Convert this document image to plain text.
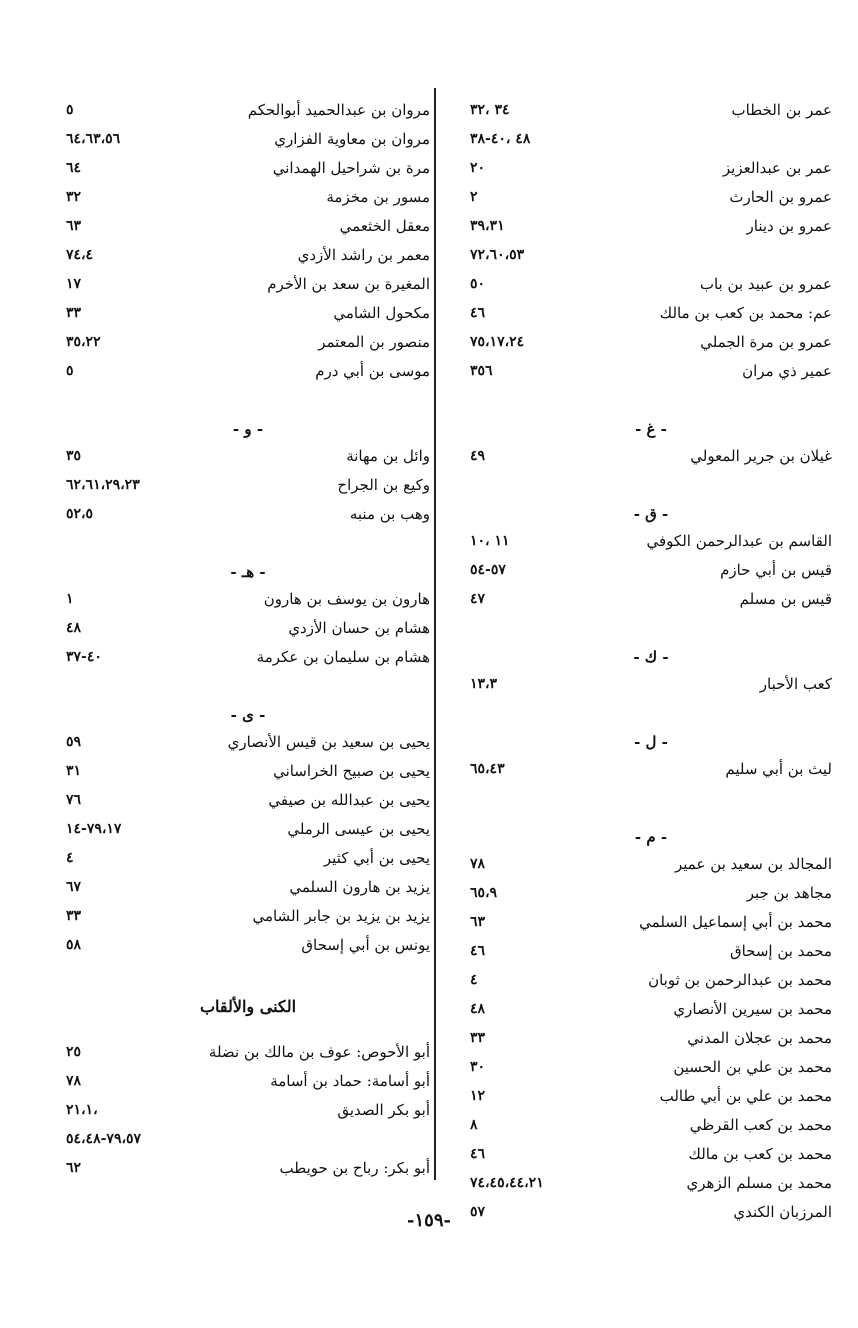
عمر بن الخطاب
٣٤ ،٣٢
٤٨ ،٤٠-٣٨
عمر بن عبدالعزيز
٢٠
عمرو بن الحارث
٢
عمرو بن دينار
٣٩،٣١
٧٢،٦٠،٥٣
عمرو بن عبيد بن باب
٥٠
عم: محمد بن كعب بن مالك
٤٦
عمرو بن مرة الجملي
٧٥،١٧،٢٤
عمير ذي مران
٣٥٦
- غ -
غيلان بن جرير المعولي
٤٩
- ق -
القاسم بن عبدالرحمن الكوفي
١١ ،١٠
قيس بن أبي حازم
٥٧-٥٤
قيس بن مسلم
٤٧
- ك -
كعب الأحبار
١٣،٣
- ل -
ليث بن أبي سليم
٦٥،٤٣
- م -
المجالد بن سعيد بن عمير
٧٨
مجاهد بن جبر
٦٥،٩
محمد بن أبي إسماعيل السلمي
٦٣
محمد بن إسحاق
٤٦
محمد بن عبدالرحمن بن ثوبان
٤
محمد بن سيرين الأنصاري
٤٨
محمد بن عجلان المدني
٣٣
محمد بن علي بن الحسين
٣٠
محمد بن علي بن أبي طالب
١٢
محمد بن كعب القرظي
٨
محمد بن كعب بن مالك
٤٦
محمد بن مسلم الزهري
٧٤،٤٥،٤٤،٢١
المرزبان الكندي
٥٧
مروان بن عبدالحميد أبوالحكم
٥
مروان بن معاوية الفزاري
٦٤،٦٣،٥٦
مرة بن شراحيل الهمداني
٦٤
مسور بن مخزمة
٣٢
معقل الخثعمي
٦٣
معمر بن راشد الأزدي
٧٤،٤
المغيرة بن سعد بن الأخرم
١٧
مكحول الشامي
٣٣
منصور بن المعتمر
٣٥،٢٢
موسى بن أبي درم
٥
- و -
وائل بن مهانة
٣٥
وكيع بن الجراح
٦٢،٦١،٢٩،٢٣
وهب بن منبه
٥٢،٥
- هـ -
هارون بن يوسف بن هارون
١
هشام بن حسان الأزدي
٤٨
هشام بن سليمان بن عكرمة
٤٠-٣٧
- ى -
يحيى بن سعيد بن قيس الأنصاري
٥٩
يحيى بن صبيح الخراساني
٣١
يحيى بن عبدالله بن صيفي
٧٦
يحيى بن عيسى الرملي
٧٩،١٧-١٤
يحيى بن أبي كثير
٤
يزيد بن هارون السلمي
٦٧
يزيد بن يزيد بن جابر الشامي
٣٣
يونس بن أبي إسحاق
٥٨
الكنى والألقاب
أبو الأحوص: عوف بن مالك بن نضلة
٢٥
أبو أسامة: حماد بن أسامة
٧٨
أبو بكر الصديق
،٢١،١
٧٩،٥٧-٥٤،٤٨
أبو بكر: رباح بن حويطب
٦٢
-١٥٩-
